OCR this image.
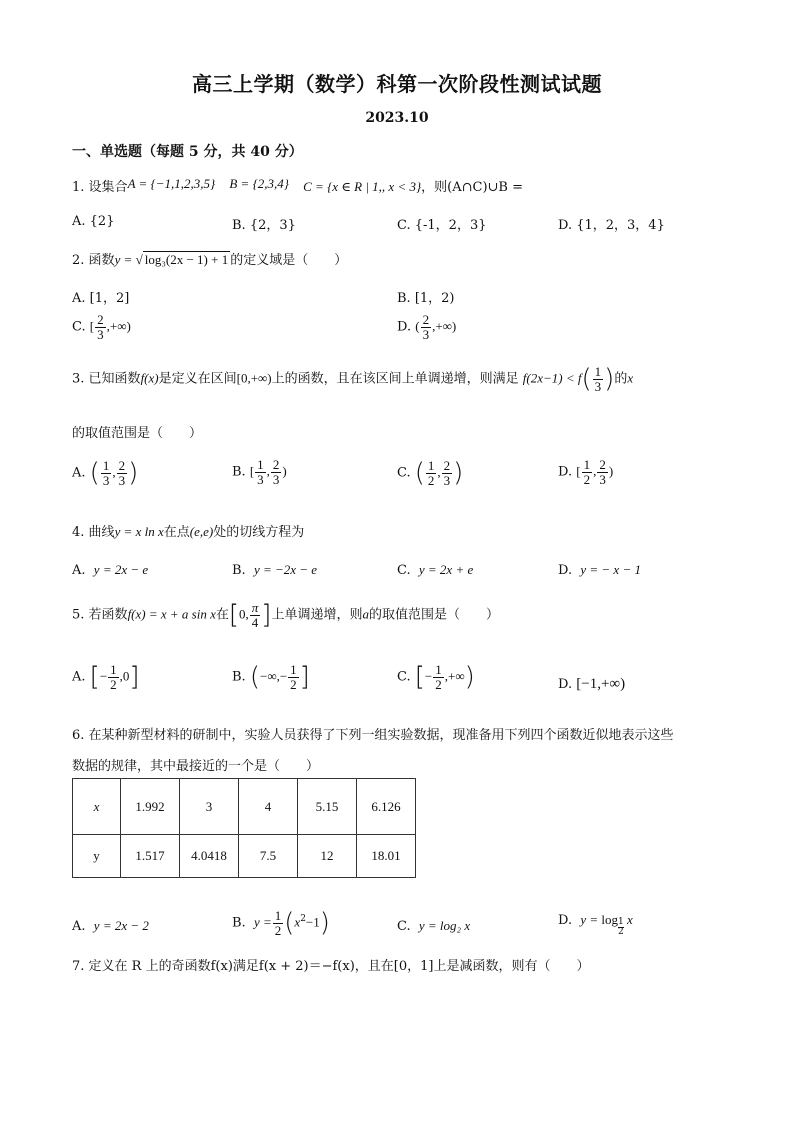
高三上学期（数学）科第一次阶段性测试试题
2023.10
一、单选题（每题 5 分，共 40 分）
1. 设集合A = {−1,1,2,3,5} B = {2,3,4} C = {x ∈ R | 1,, x < 3}，则(A∩C)∪B =
A. {2}	B. {2，3}	C. {-1，2，3}	D. {1，2，3，4}
2. 函数y = √ log₃(2x − 1) + 1 的定义域是（　　）
A. [1，2]	B. [1，2)
C. [ $\frac{2}{3}$ ,+∞)	D. ( $\frac{2}{3}$ ,+∞)
3. 已知函数f(x)是定义在区间[0,+∞)上的函数，且在该区间上单调递增，则满足 $f(2x-1) < f( \frac{1}{3}$ )的x
的取值范围是（　　）
A. ( $\frac{1}{3}$ , $\frac{2}{3}$ )	B. [ $\frac{1}{3}$ , $\frac{2}{3}$ )	C. ( $\frac{1}{2}$ , $\frac{2}{3}$ )	D. [ $\frac{1}{2}$ , $\frac{2}{3}$ )
4. 曲线y = x ln x在点(e,e)处的切线方程为
A. y = 2x − e	B. y = −2x − e	C. y = 2x + e	D. y = − x − 1
5. 若函数f(x) = x + a sin x在[0, $\frac{\pi}{4}$ ]上单调递增，则a的取值范围是（　　）
A. [− $\frac{1}{2} ,0$]	B. (−∞,− $\frac{1}{2}$ ]	C. [− $\frac{1}{2}$ ,+∞)	D. [−1,+∞)
6. 在某种新型材料的研制中，实验人员获得了下列一组实验数据，现准备用下列四个函数近似地表示这些
数据的规律，其中最接近的一个是（　　）
x	1.992	3	4	5.15	6.126
y	1.517	4.0418	7.5	12	18.01
A. y = 2x − 2	B. $y = \frac{1}{2} (x^2-1)$	C. y = log₂ x	D. $y = \log \frac{1}{2}$ x
7. 定义在 R 上的奇函数f(x)满足f(x + 2)＝−f(x)，且在[0，1]上是减函数，则有（　　）
